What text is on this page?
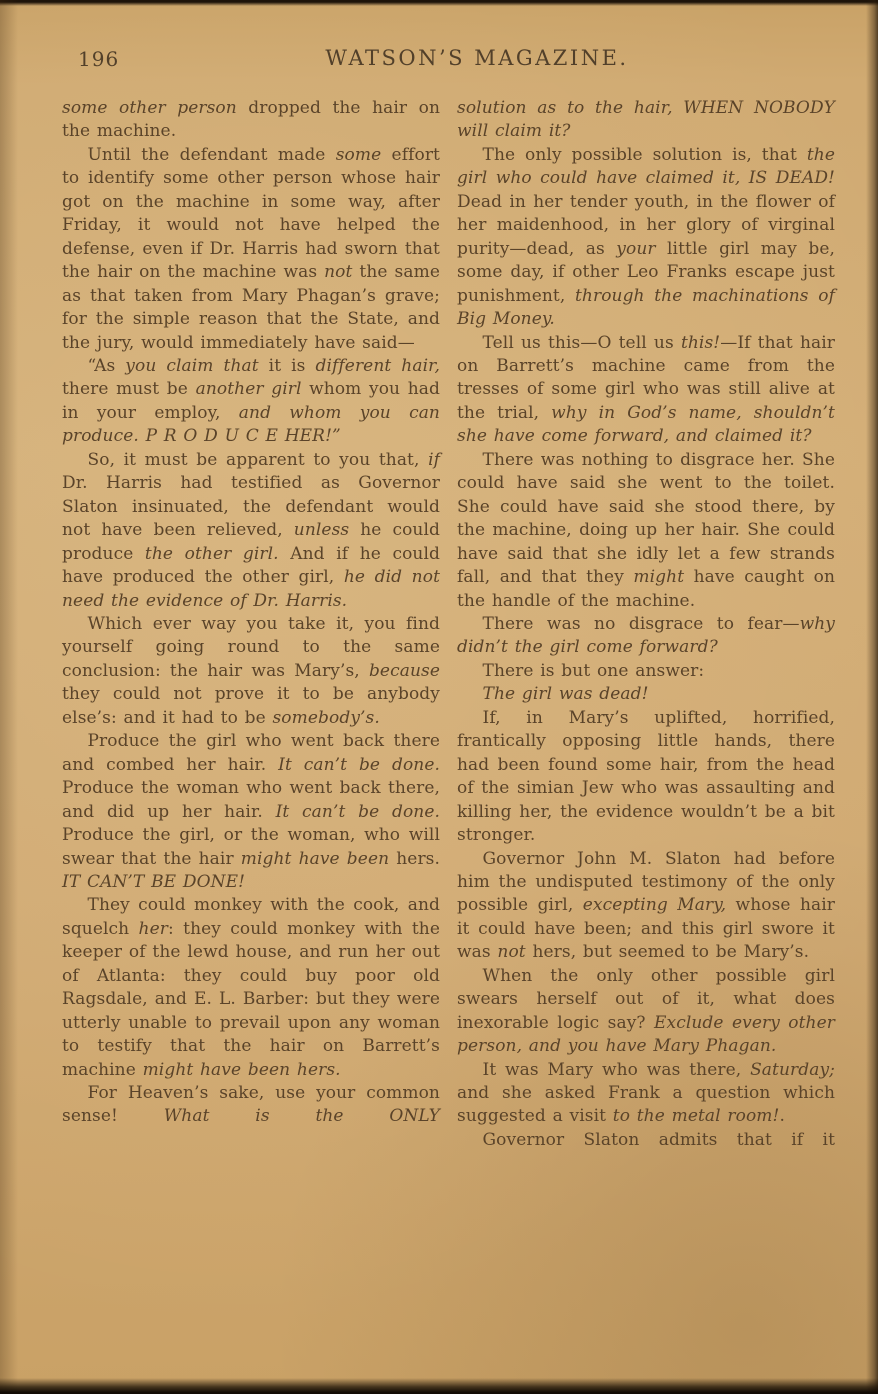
196	WATSON’S MAGAZINE.

some other person dropped the hair on the machine.

Until the defendant made some effort to identify some other person whose hair got on the machine in some way, after Friday, it would not have helped the defense, even if Dr. Harris had sworn that the hair on the machine was not the same as that taken from Mary Phagan’s grave; for the simple reason that the State, and the jury, would immediately have said—

“As you claim that it is different hair, there must be another girl whom you had in your employ, and whom you can produce. P R O D U C E HER!”

So, it must be apparent to you that, if Dr. Harris had testified as Governor Slaton insinuated, the defendant would not have been relieved, unless he could produce the other girl. And if he could have produced the other girl, he did not need the evidence of Dr. Harris.

Which ever way you take it, you find yourself going round to the same conclusion: the hair was Mary’s, because they could not prove it to be anybody else’s: and it had to be somebody’s.

Produce the girl who went back there and combed her hair. It can’t be done. Produce the woman who went back there, and did up her hair. It can’t be done. Produce the girl, or the woman, who will swear that the hair might have been hers. IT CAN’T BE DONE!

They could monkey with the cook, and squelch her: they could monkey with the keeper of the lewd house, and run her out of Atlanta: they could buy poor old Ragsdale, and E. L. Barber: but they were utterly unable to prevail upon any woman to testify that the hair on Barrett’s machine might have been hers.

For Heaven’s sake, use your common sense! What is the ONLY

solution as to the hair, WHEN NOBODY will claim it?

The only possible solution is, that the girl who could have claimed it, IS DEAD! Dead in her tender youth, in the flower of her maidenhood, in her glory of virginal purity—dead, as your little girl may be, some day, if other Leo Franks escape just punishment, through the machinations of Big Money.

Tell us this—O tell us this!—If that hair on Barrett’s machine came from the tresses of some girl who was still alive at the trial, why in God’s name, shouldn’t she have come forward, and claimed it?

There was nothing to disgrace her. She could have said she went to the toilet. She could have said she stood there, by the machine, doing up her hair. She could have said that she idly let a few strands fall, and that they might have caught on the handle of the machine.

There was no disgrace to fear—why didn’t the girl come forward?

There is but one answer:

The girl was dead!

If, in Mary’s uplifted, horrified, frantically opposing little hands, there had been found some hair, from the head of the simian Jew who was assaulting and killing her, the evidence wouldn’t be a bit stronger.

Governor John M. Slaton had before him the undisputed testimony of the only possible girl, excepting Mary, whose hair it could have been; and this girl swore it was not hers, but seemed to be Mary’s.

When the only other possible girl swears herself out of it, what does inexorable logic say? Exclude every other person, and you have Mary Phagan.

It was Mary who was there, Saturday; and she asked Frank a question which suggested a visit to the metal room!.

Governor Slaton admits that if it
